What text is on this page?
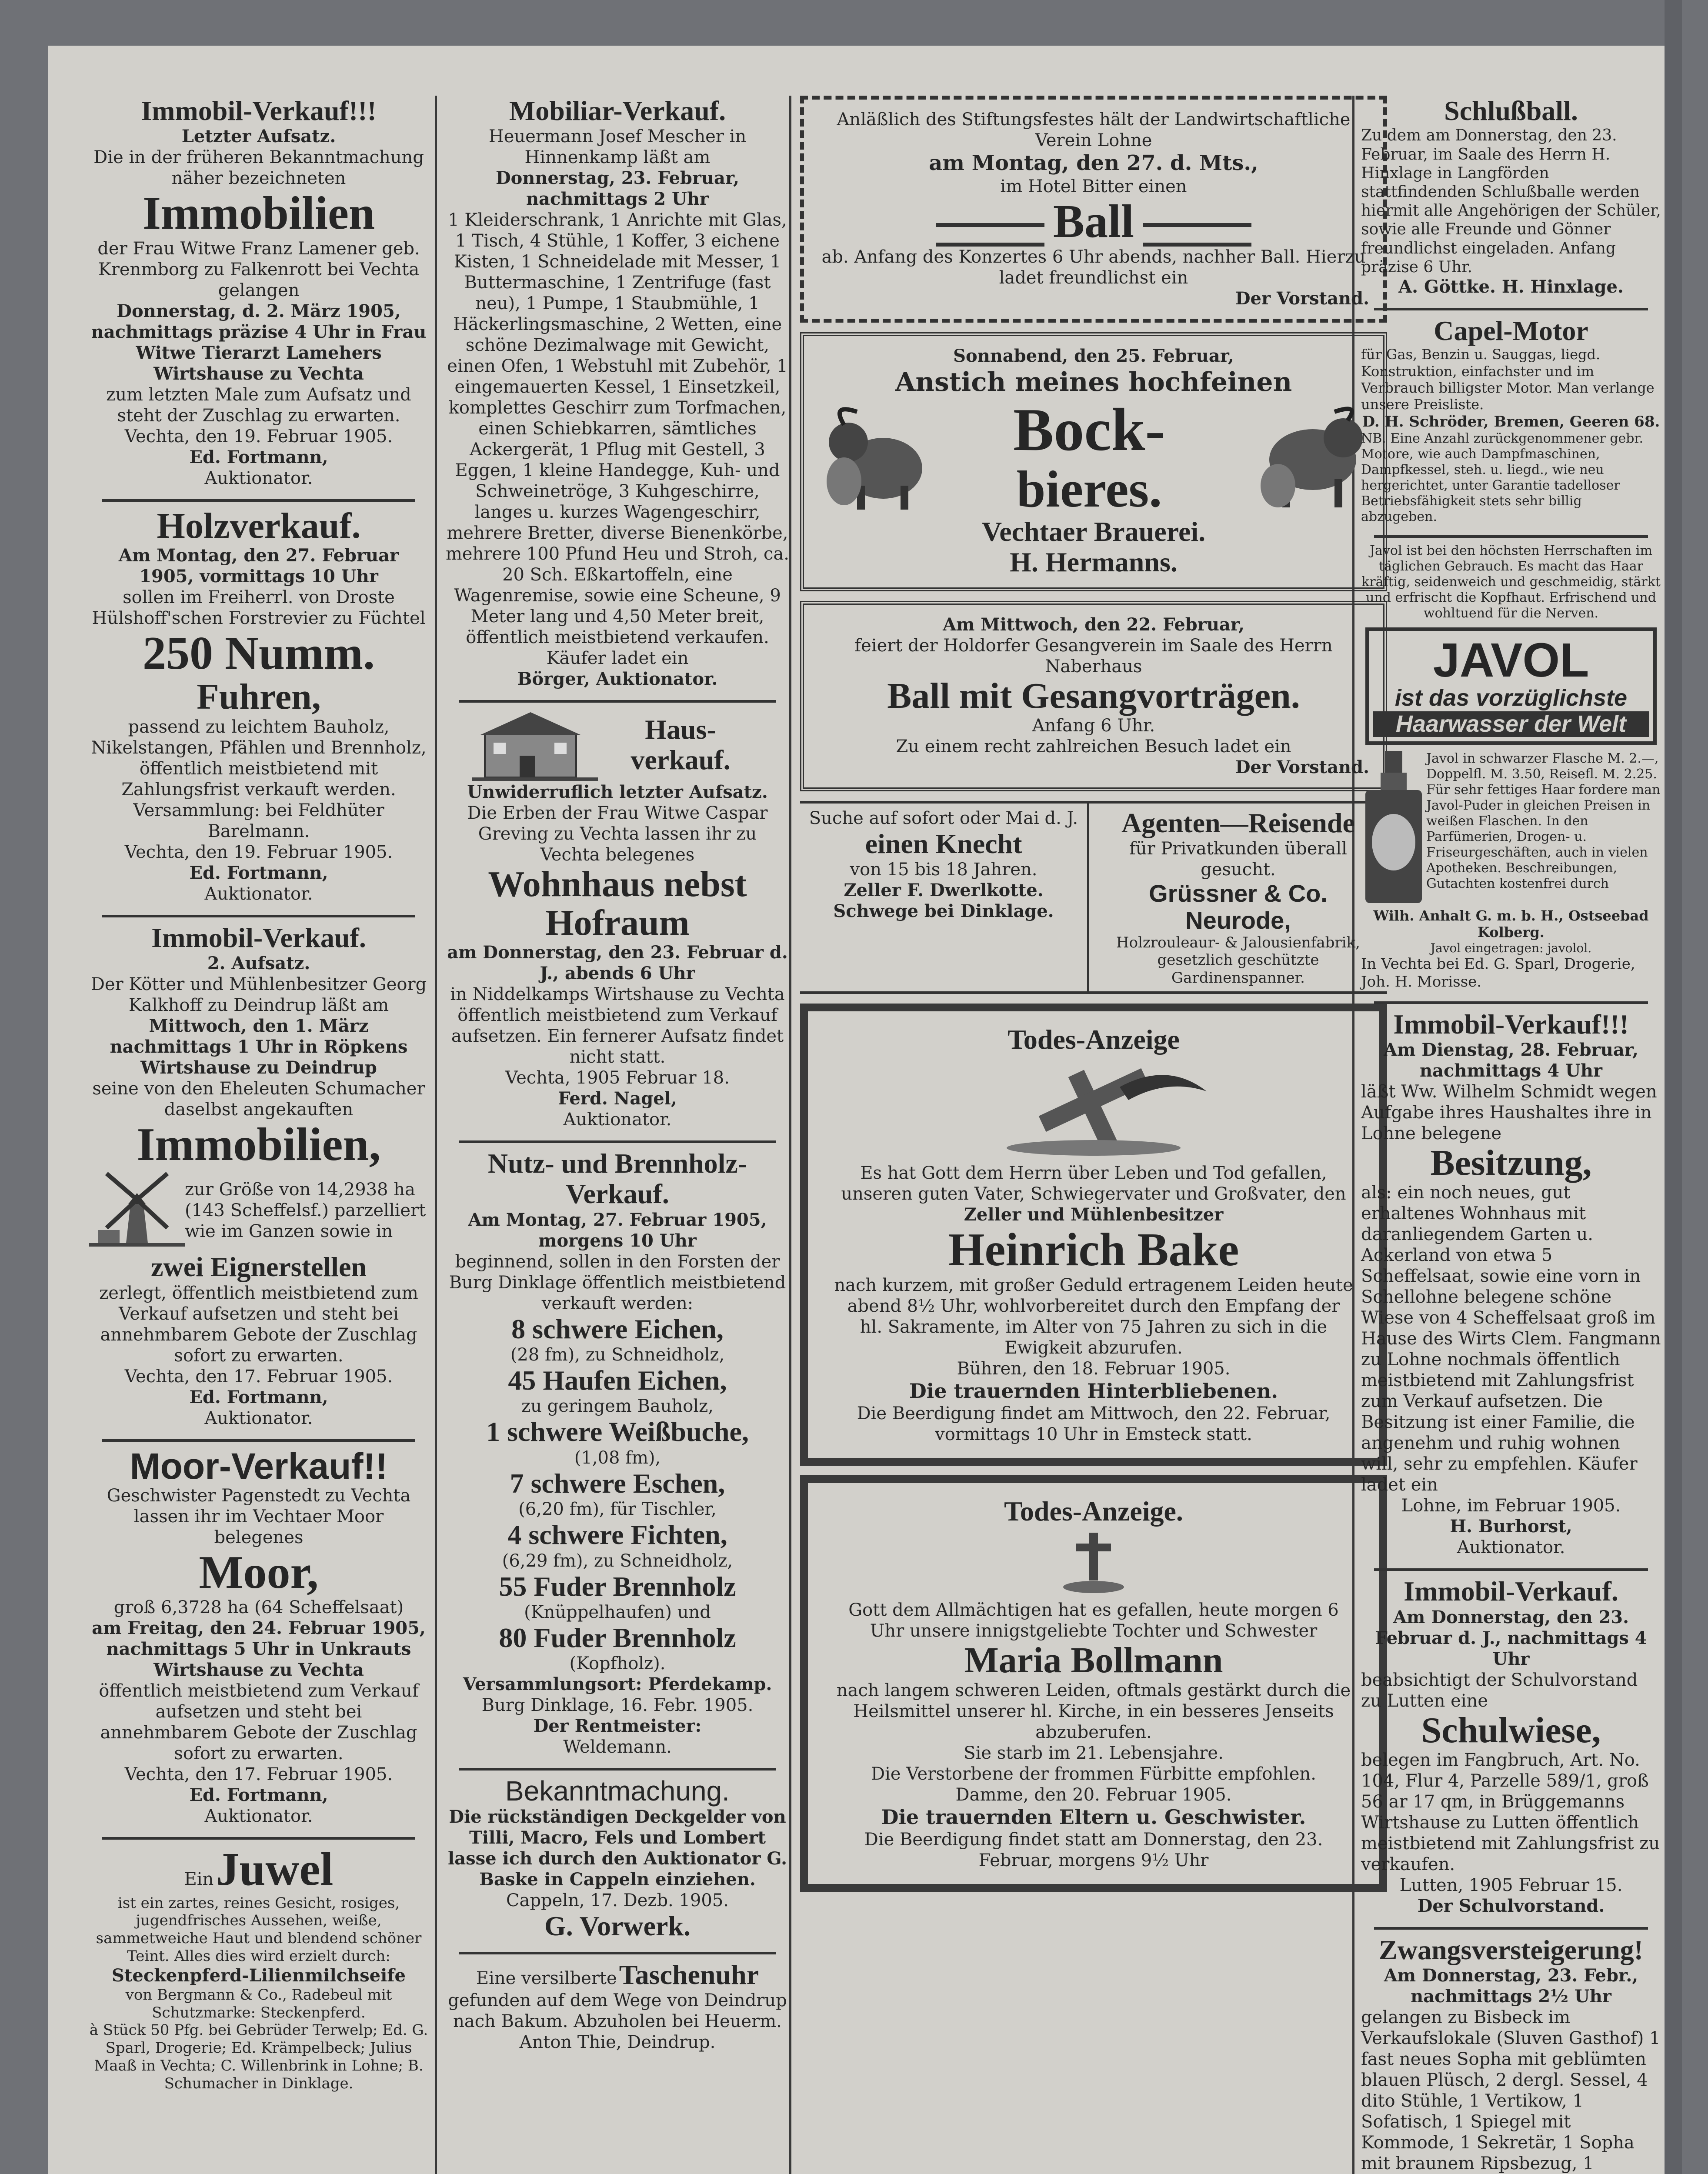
Immobil-Verkauf!!!
Letzter Aufsatz.
Die in der früheren Bekanntmachung näher bezeichneten
Immobilien
der Frau Witwe Franz Lamener geb. Krenmborg zu Falkenrott bei Vechta gelangen
Donnerstag, d. 2. März 1905, nachmittags präzise 4 Uhr in Frau Witwe Tierarzt Lamehers Wirtshause zu Vechta
zum letzten Male zum Aufsatz und steht der Zuschlag zu erwarten.
Vechta, den 19. Februar 1905.
Ed. Fortmann,
Auktionator.
Holzverkauf.
Am Montag, den 27. Februar 1905, vormittags 10 Uhr
sollen im Freiherrl. von Droste Hülshoff'schen Forstrevier zu Füchtel
250 Numm.
Fuhren,
passend zu leichtem Bauholz, Nikelstangen, Pfählen und Brennholz, öffentlich meistbietend mit Zahlungsfrist verkauft werden.
Versammlung: bei Feldhüter Barelmann.
Vechta, den 19. Februar 1905.
Ed. Fortmann,
Auktionator.
Immobil-Verkauf.
2. Aufsatz.
Der Kötter und Mühlenbesitzer Georg Kalkhoff zu Deindrup läßt am
Mittwoch, den 1. März nachmittags 1 Uhr in Röpkens Wirtshause zu Deindrup
seine von den Eheleuten Schumacher daselbst angekauften
Immobilien,
zur Größe von 14,2938 ha (143 Scheffelsf.) parzelliert wie im Ganzen sowie in
zwei Eignerstellen
zerlegt, öffentlich meistbietend zum Verkauf aufsetzen und steht bei annehmbarem Gebote der Zuschlag sofort zu erwarten.
Vechta, den 17. Februar 1905.
Ed. Fortmann,
Auktionator.
Moor-Verkauf!!
Geschwister Pagenstedt zu Vechta lassen ihr im Vechtaer Moor belegenes
Moor,
groß 6,3728 ha (64 Scheffelsaat)
am Freitag, den 24. Februar 1905, nachmittags 5 Uhr in Unkrauts Wirtshause zu Vechta
öffentlich meistbietend zum Verkauf aufsetzen und steht bei annehmbarem Gebote der Zuschlag sofort zu erwarten.
Vechta, den 17. Februar 1905.
Ed. Fortmann,
Auktionator.
Ein Juwel
ist ein zartes, reines Gesicht, rosiges, jugendfrisches Aussehen, weiße, sammetweiche Haut und blendend schöner Teint. Alles dies wird erzielt durch:
Steckenpferd-Lilienmilchseife
von Bergmann & Co., Radebeul mit Schutzmarke: Steckenpferd.
à Stück 50 Pfg. bei Gebrüder Terwelp; Ed. G. Sparl, Drogerie; Ed. Krämpelbeck; Julius Maaß in Vechta; C. Willenbrink in Lohne; B. Schumacher in Dinklage.
Mobiliar-Verkauf.
Heuermann Josef Mescher in Hinnenkamp läßt am
Donnerstag, 23. Februar, nachmittags 2 Uhr
1 Kleiderschrank, 1 Anrichte mit Glas, 1 Tisch, 4 Stühle, 1 Koffer, 3 eichene Kisten, 1 Schneidelade mit Messer, 1 Buttermaschine, 1 Zentrifuge (fast neu), 1 Pumpe, 1 Staubmühle, 1 Häckerlingsmaschine, 2 Wetten, eine schöne Dezimalwage mit Gewicht, einen Ofen, 1 Webstuhl mit Zubehör, 1 eingemauerten Kessel, 1 Einsetzkeil, komplettes Geschirr zum Torfmachen, einen Schiebkarren, sämtliches Ackergerät, 1 Pflug mit Gestell, 3 Eggen, 1 kleine Handegge, Kuh- und Schweinetröge, 3 Kuhgeschirre, langes u. kurzes Wagengeschirr, mehrere Bretter, diverse Bienenkörbe, mehrere 100 Pfund Heu und Stroh, ca. 20 Sch. Eßkartoffeln, eine Wagenremise, sowie eine Scheune, 9 Meter lang und 4,50 Meter breit, öffentlich meistbietend verkaufen. Käufer ladet ein
Börger, Auktionator.
Haus-verkauf.
Unwiderruflich letzter Aufsatz.
Die Erben der Frau Witwe Caspar Greving zu Vechta lassen ihr zu Vechta belegenes
Wohnhaus nebst Hofraum
am Donnerstag, den 23. Februar d. J., abends 6 Uhr
in Niddelkamps Wirtshause zu Vechta öffentlich meistbietend zum Verkauf aufsetzen. Ein fernerer Aufsatz findet nicht statt.
Vechta, 1905 Februar 18.
Ferd. Nagel,
Auktionator.
Nutz- und Brennholz-Verkauf.
Am Montag, 27. Februar 1905, morgens 10 Uhr
beginnend, sollen in den Forsten der Burg Dinklage öffentlich meistbietend verkauft werden:
8 schwere Eichen,
(28 fm), zu Schneidholz,
45 Haufen Eichen,
zu geringem Bauholz,
1 schwere Weißbuche,
(1,08 fm),
7 schwere Eschen,
(6,20 fm), für Tischler,
4 schwere Fichten,
(6,29 fm), zu Schneidholz,
55 Fuder Brennholz
(Knüppelhaufen) und
80 Fuder Brennholz
(Kopfholz).
Versammlungsort: Pferdekamp.
Burg Dinklage, 16. Febr. 1905.
Der Rentmeister:
Weldemann.
Bekanntmachung.
Die rückständigen Deckgelder von Tilli, Macro, Fels und Lombert lasse ich durch den Auktionator G. Baske in Cappeln einziehen.
Cappeln, 17. Dezb. 1905.
G. Vorwerk.
Eine versilberte Taschenuhr
gefunden auf dem Wege von Deindrup nach Bakum. Abzuholen bei Heuerm. Anton Thie, Deindrup.
Anläßlich des Stiftungsfestes hält der Landwirtschaftliche Verein Lohne
am Montag, den 27. d. Mts.,
im Hotel Bitter einen
Ball
ab. Anfang des Konzertes 6 Uhr abends, nachher Ball. Hierzu ladet freundlichst ein
Der Vorstand.
Sonnabend, den 25. Februar,
Anstich meines hochfeinen
Bock-
bieres.
Vechtaer Brauerei.
H. Hermanns.
Am Mittwoch, den 22. Februar,
feiert der Holdorfer Gesangverein im Saale des Herrn Naberhaus
Ball mit Gesangvorträgen.
Anfang 6 Uhr.
Zu einem recht zahlreichen Besuch ladet ein
Der Vorstand.
Suche auf sofort oder Mai d. J.
einen Knecht
von 15 bis 18 Jahren.
Zeller F. Dwerlkotte.
Schwege bei Dinklage.
Agenten—Reisende
für Privatkunden überall gesucht.
Grüssner & Co. Neurode,
Holzrouleaur- & Jalousienfabrik, gesetzlich geschützte Gardinenspanner.
Todes-Anzeige
Es hat Gott dem Herrn über Leben und Tod gefallen, unseren guten Vater, Schwiegervater und Großvater, den
Zeller und Mühlenbesitzer
Heinrich Bake
nach kurzem, mit großer Geduld ertragenem Leiden heute abend 8½ Uhr, wohlvorbereitet durch den Empfang der hl. Sakramente, im Alter von 75 Jahren zu sich in die Ewigkeit abzurufen.
Bühren, den 18. Februar 1905.
Die trauernden Hinterbliebenen.
Die Beerdigung findet am Mittwoch, den 22. Februar, vormittags 10 Uhr in Emsteck statt.
Todes-Anzeige.
Gott dem Allmächtigen hat es gefallen, heute morgen 6 Uhr unsere innigstgeliebte Tochter und Schwester
Maria Bollmann
nach langem schweren Leiden, oftmals gestärkt durch die Heilsmittel unserer hl. Kirche, in ein besseres Jenseits abzuberufen.
Sie starb im 21. Lebensjahre.
Die Verstorbene der frommen Fürbitte empfohlen.
Damme, den 20. Februar 1905.
Die trauernden Eltern u. Geschwister.
Die Beerdigung findet statt am Donnerstag, den 23. Februar, morgens 9½ Uhr
Schlußball.
Zu dem am Donnerstag, den 23. Februar, im Saale des Herrn H. Hinxlage in Langförden stattfindenden Schlußballe werden hiermit alle Angehörigen der Schüler, sowie alle Freunde und Gönner freundlichst eingeladen. Anfang präzise 6 Uhr.
A. Göttke. H. Hinxlage.
Capel-Motor
für Gas, Benzin u. Sauggas, liegd. Konstruktion, einfachster und im Verbrauch billigster Motor. Man verlange unsere Preisliste.
D. H. Schröder, Bremen, Geeren 68.
NB. Eine Anzahl zurückgenommener gebr. Motore, wie auch Dampfmaschinen, Dampfkessel, steh. u. liegd., wie neu hergerichtet, unter Garantie tadelloser Betriebsfähigkeit stets sehr billig abzugeben.
Javol ist bei den höchsten Herrschaften im täglichen Gebrauch. Es macht das Haar kräftig, seidenweich und geschmeidig, stärkt und erfrischt die Kopfhaut. Erfrischend und wohltuend für die Nerven.
JAVOL
ist das vorzüglichste
Haarwasser der Welt
Javol in schwarzer Flasche M. 2.—, Doppelfl. M. 3.50, Reisefl. M. 2.25. Für sehr fettiges Haar fordere man Javol-Puder in gleichen Preisen in weißen Flaschen. In den Parfümerien, Drogen- u. Friseurgeschäften, auch in vielen Apotheken. Beschreibungen, Gutachten kostenfrei durch
Wilh. Anhalt G. m. b. H., Ostseebad Kolberg.
Javol eingetragen: javolol.
In Vechta bei Ed. G. Sparl, Drogerie, Joh. H. Morisse.
Immobil-Verkauf!!!
Am Dienstag, 28. Februar, nachmittags 4 Uhr
läßt Ww. Wilhelm Schmidt wegen Aufgabe ihres Haushaltes ihre in Lohne belegene
Besitzung,
als: ein noch neues, gut erhaltenes Wohnhaus mit daranliegendem Garten u. Ackerland von etwa 5 Scheffelsaat, sowie eine vorn in Schellohne belegene schöne Wiese von 4 Scheffelsaat groß im Hause des Wirts Clem. Fangmann zu Lohne nochmals öffentlich meistbietend mit Zahlungsfrist zum Verkauf aufsetzen. Die Besitzung ist einer Familie, die angenehm und ruhig wohnen will, sehr zu empfehlen. Käufer ladet ein
Lohne, im Februar 1905.
H. Burhorst,
Auktionator.
Immobil-Verkauf.
Am Donnerstag, den 23. Februar d. J., nachmittags 4 Uhr
beabsichtigt der Schulvorstand zu Lutten eine
Schulwiese,
belegen im Fangbruch, Art. No. 104, Flur 4, Parzelle 589/1, groß 56 ar 17 qm, in Brüggemanns Wirtshause zu Lutten öffentlich meistbietend mit Zahlungsfrist zu verkaufen.
Lutten, 1905 Februar 15.
Der Schulvorstand.
Zwangsversteigerung!
Am Donnerstag, 23. Febr., nachmittags 2½ Uhr
gelangen zu Bisbeck im Verkaufslokale (Sluven Gasthof) 1 fast neues Sopha mit geblümten blauen Plüsch, 2 dergl. Sessel, 4 dito Stühle, 1 Vertikow, 1 Sofatisch, 1 Spiegel mit Kommode, 1 Sekretär, 1 Sopha mit braunem Ripsbezug, 1
